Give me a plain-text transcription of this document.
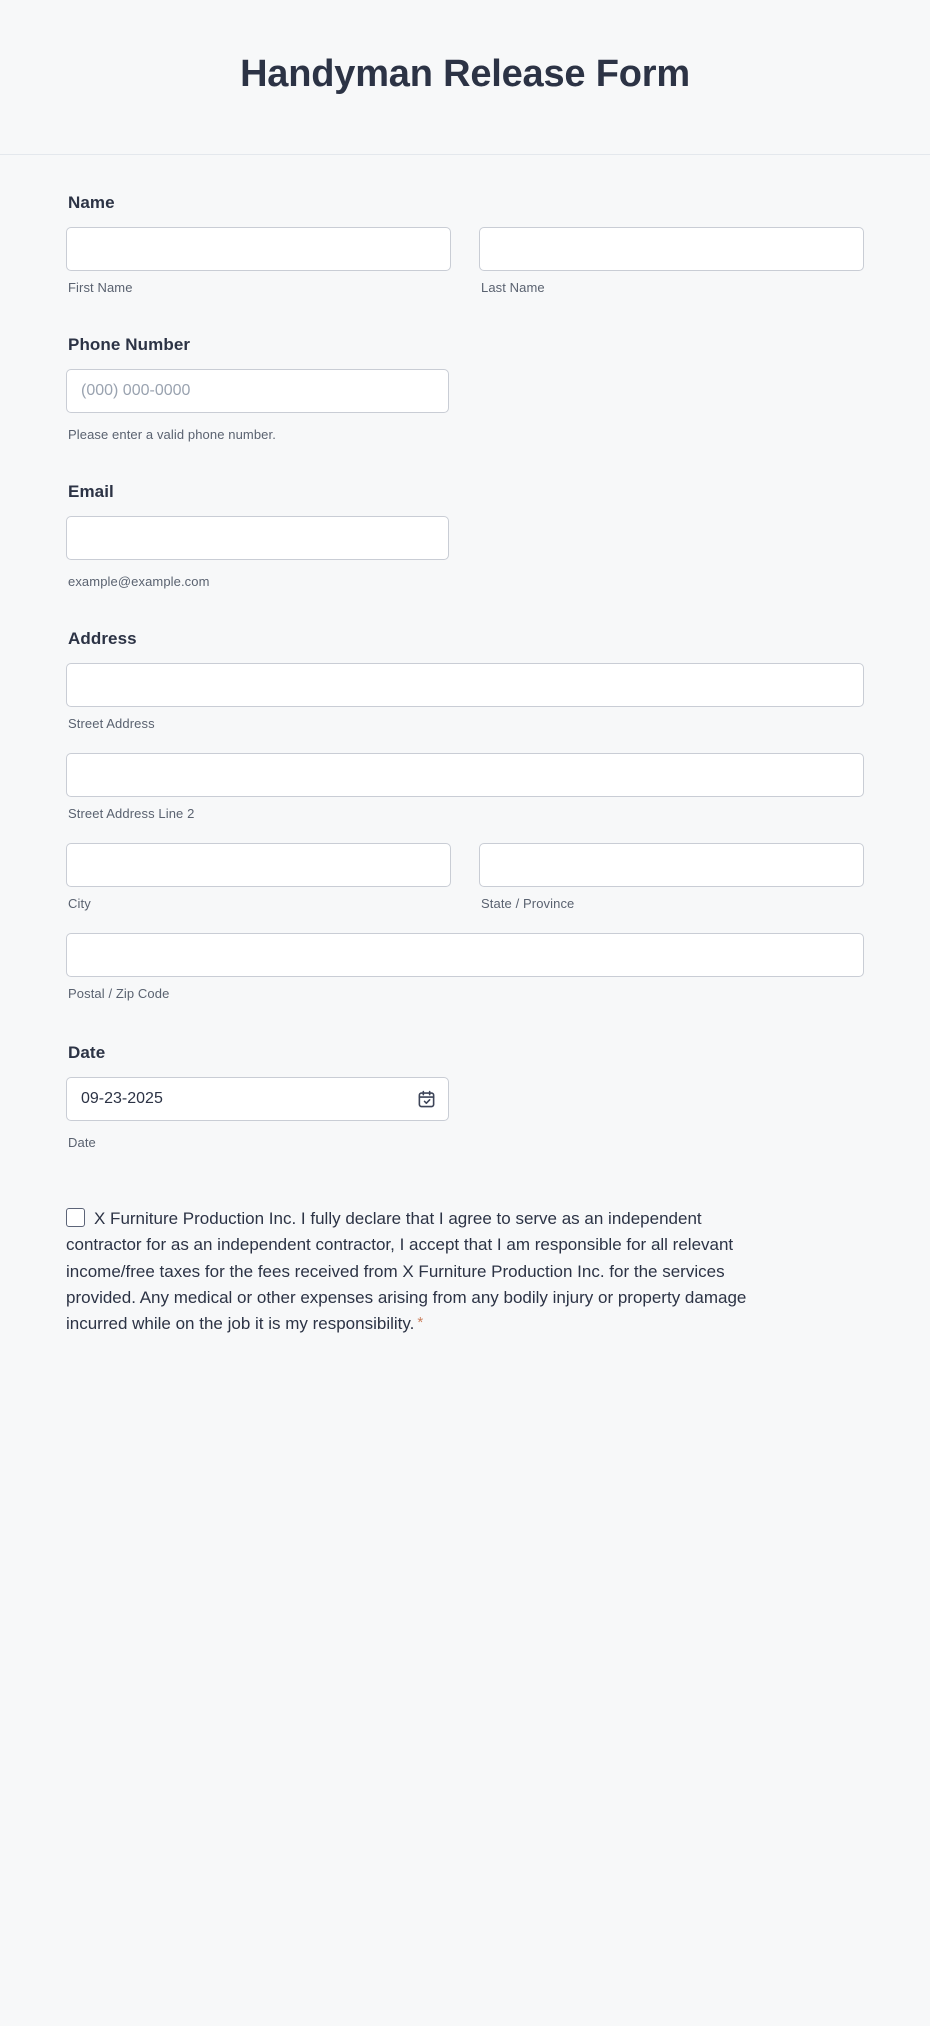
Handyman Release Form
Name
First Name	Last Name
Phone Number
(000) 000-0000
Please enter a valid phone number.
Email
example@example.com
Address
Street Address
Street Address Line 2
City	State / Province
Postal / Zip Code
Date
09-23-2025
Date

X Furniture Production Inc. I fully declare that I agree to serve as an independent contractor for as an independent contractor, I accept that I am responsible for all relevant income/free taxes for the fees received from X Furniture Production Inc. for the services provided. Any medical or other expenses arising from any bodily injury or property damage incurred while on the job it is my responsibility. *
